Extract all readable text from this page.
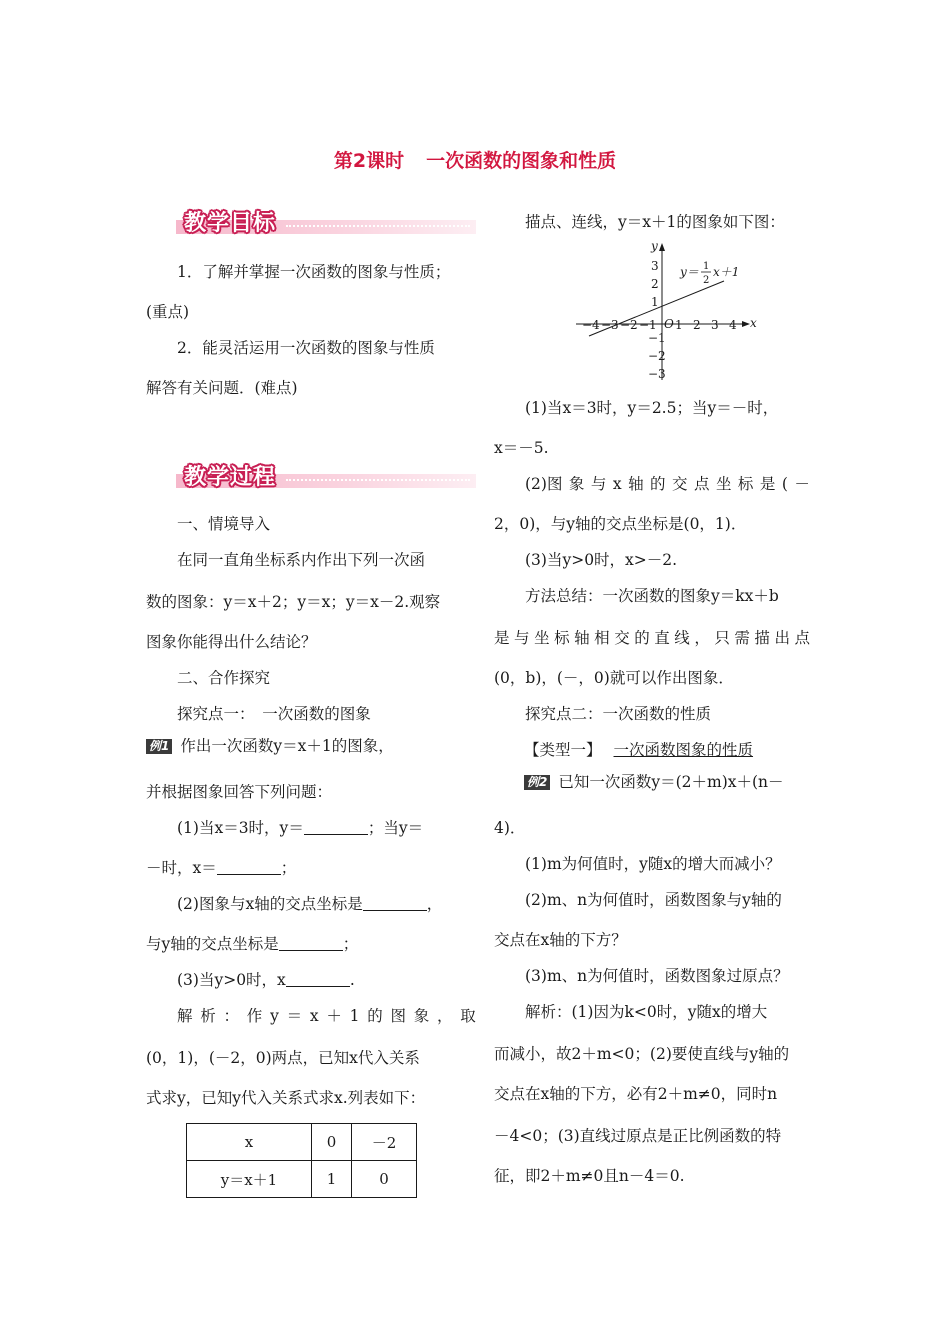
第2课时 一次函数的图象和性质
教学目标
1．了解并掌握一次函数的图象与性质；
(重点)
2．能灵活运用一次函数的图象与性质
解答有关问题．(难点)
教学过程
一、情境导入
在同一直角坐标系内作出下列一次函
数的图象：y＝x＋2；y＝x；y＝x－2.观察
图象你能得出什么结论？
二、合作探究
探究点一：　一次函数的图象
例1 作出一次函数y＝x＋1的图象，
并根据图象回答下列问题：
(1)当x＝3时，y＝	；当y＝
－时，x＝	；
(2)图象与x轴的交点坐标是	，
与y轴的交点坐标是	；
(3)当y>0时，x	.
解 析 ： 作 y ＝ x ＋ 1 的 图 象 ， 取
(0，1)，(－2，0)两点，已知x代入关系
式求y，已知y代入关系式求x.列表如下：
x	0	－2
y＝x＋1	1	0
描点、连线，y＝x＋1的图象如下图：
(1)当x＝3时，y＝2.5；当y＝－时，
x＝－5.
(2)图 象 与 x 轴 的 交 点 坐 标 是 ( －
2，0)，与y轴的交点坐标是(0，1)．
(3)当y>0时，x>－2.
方法总结：一次函数的图象y＝kx＋b
是 与 坐 标 轴 相 交 的 直 线 ， 只 需 描 出 点
(0，b)，(－，0)就可以作出图象．
探究点二：一次函数的性质
【类型一】 一次函数图象的性质
例2 已知一次函数y＝(2＋m)x＋(n－
4)．
(1)m为何值时，y随x的增大而减小？
(2)m、n为何值时，函数图象与y轴的
交点在x轴的下方？
(3)m、n为何值时，函数图象过原点？
解析：(1)因为k<0时，y随x的增大
而减小，故2＋m<0；(2)要使直线与y轴的
交点在x轴的下方，必有2＋m≠0，同时n
－4<0；(3)直线过原点是正比例函数的特
征，即2＋m≠0且n－4＝0.
x
y
O
−4 −3 −2 −1 1 2 3 4
3
2
1
−1
−2
−3
y＝ 1
2
x＋1
